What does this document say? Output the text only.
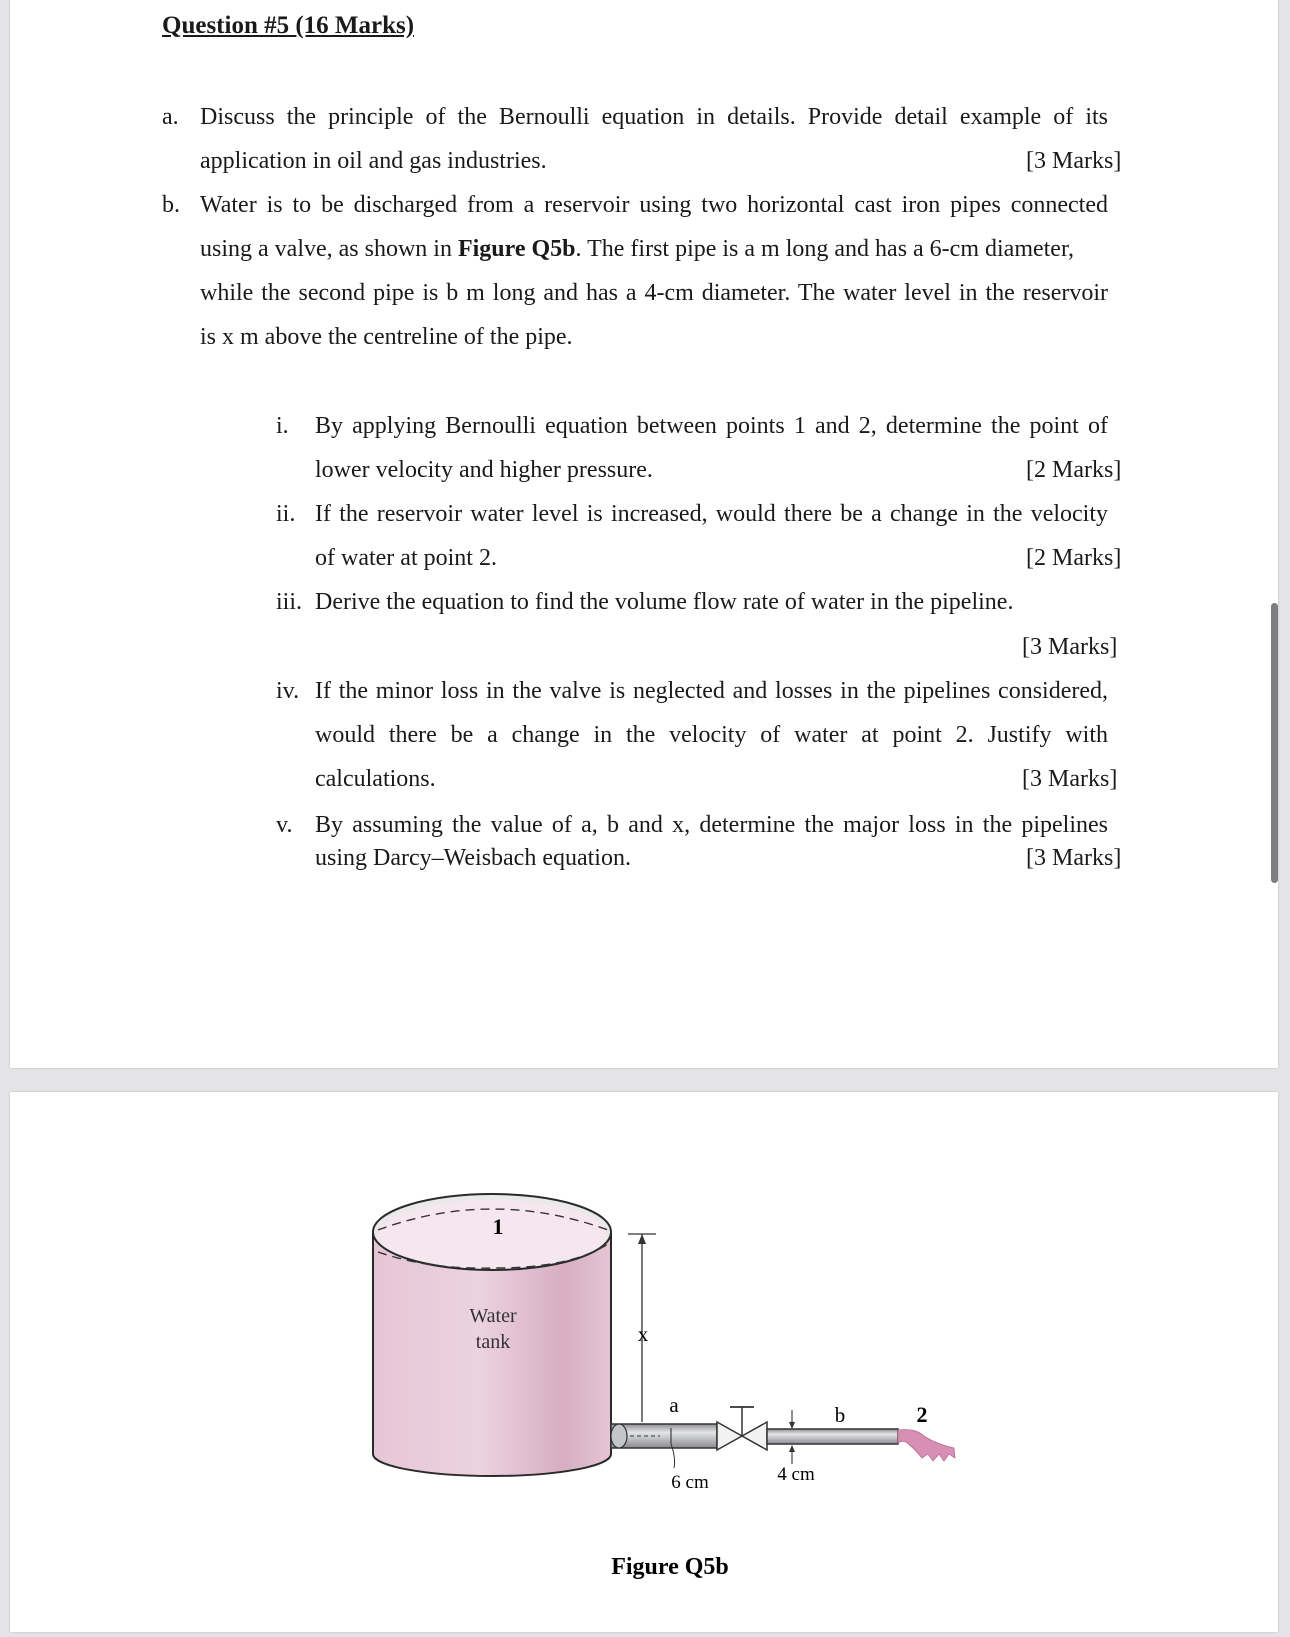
Question #5 (16 Marks)

a. Discuss the principle of the Bernoulli equation in details. Provide detail example of its

application in oil and gas industries.	[3 Marks]
b. Water is to be discharged from a reservoir using two horizontal cast iron pipes connected

using a valve, as shown in Figure Q5b. The first pipe is a m long and has a 6-cm diameter,

while the second pipe is b m long and has a 4-cm diameter. The water level in the reservoir

is x m above the centreline of the pipe.

i. By applying Bernoulli equation between points 1 and 2, determine the point of

lower velocity and higher pressure.	[2 Marks]
ii. If the reservoir water level is increased, would there be a change in the velocity

of water at point 2.	[2 Marks]
iii. Derive the equation to find the volume flow rate of water in the pipeline.

[3 Marks]
iv. If the minor loss in the valve is neglected and losses in the pipelines considered,

would there be a change in the velocity of water at point 2. Justify with

calculations.	[3 Marks]
v. By assuming the value of a, b and x, determine the major loss in the pipelines

using Darcy–Weisbach equation.	[3 Marks]
1
Water
tank	x
a
6 cm
b
4 cm
2
Figure Q5b
